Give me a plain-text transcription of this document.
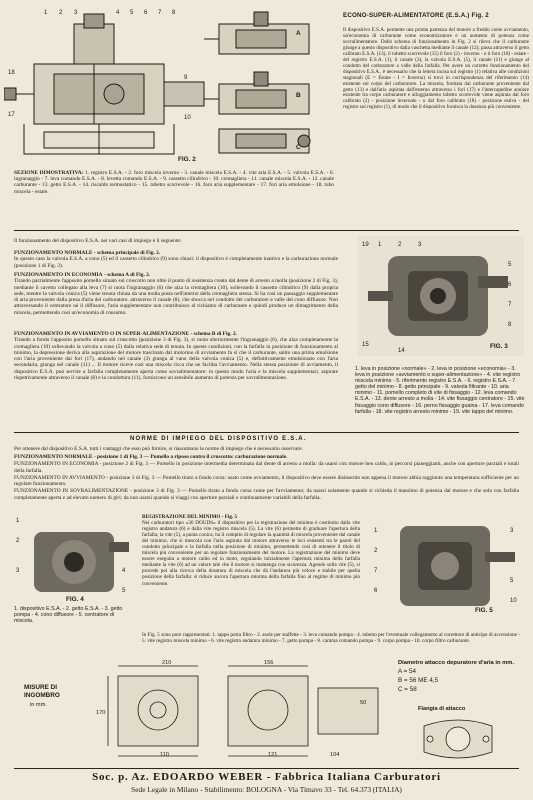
1 2 3	4 5 6 7 8
18
17
9
10
FIG. 2
A
B
C
ECONO-SUPER-ALIMENTATORE (E.S.A.) Fig. 2
Il dispositivo E.S.A. permette una pronta partenza del motore a freddo come avviamento, un'economia di carburante come economizzatore e un aumento di potenza come sovralimentatore. Dallo schema di funzionamento in Fig. 2 si rileva che il carburante giunge a questo dispositivo dalla vaschetta mediante il canale (12); passa attraverso il getto calibrato E.S.A. (13), il tubetto scorrevole (15) il foro (2) - inverno - o il foro (18) - estate - del registro E.S.A. (1), il canale (3), la valvola E.S.A. (5), il canale (11) e giunge al condotto del carburatore a valle della farfalla. Per avere un corretto funzionamento del dispositivo E.S.A., è necessario che la lettera incisa sul registro (1) relativa alle condizioni stagionali (E = Estate - I = Inverno) si trovi in corrispondenza del riferimento (14) esistente sul corpo del carburatore. La miscela, formata dal carburante proveniente dal getto (13) e dall'aria aspirata dall'esterno attraverso i fori (17) e l'intercapedine anulare esistente tra corpo carburatore e alloggiamento tubetto scorrevole viene aspirata dal foro calibrato (2) - posizione invernale - o dal foro calibrato (18) - posizione estiva - del registro sul registro (1), di modo che il dispositivo fornisca la dosatura più conveniente.
SEZIONE DIMOSTRATIVA: 1. registro E.S.A. - 2. foro miscela inverno - 3. canale miscela E.S.A. - 4. vite aria E.S.A. - 5. valvola E.S.A. - 6. ingranaggio - 7. leva comando E.S.A. - 8. levetta comando E.S.A. - 9. cassetto cilindrico - 10. cremagliera - 11. canale miscela E.S.A. - 12. canale carburante - 13. getto E.S.A. - 14. riscaldo termostatico - 15. tubetto scorrevole - 16. foro aria supplementare - 17. fori aria emulsione - 18. tubo miscela - estate.
Il funzionamento del dispositivo E.S.A. nei vari casi di impiego è il seguente:
FUNZIONAMENTO NORMALE - schema principale di Fig. 2.
In questo caso la valvola E.S.A. a cono (5) ed il cassetto cilindrico (9) sono chiusi: il dispositivo è completamente inattivo e la carburazione normale (posizione 1 di Fig. 3).
FUNZIONAMENTO IN ECONOMIA - schema A di Fig. 2.
Tirando parzialmente l'apposito pomello situato sul cruscotto non oltre il punto di resistenza creato dal dente di arresto a molla (posizione 2 di Fig. 3), mediante il cavetto collegato alla leva (7) si ruota l'ingranaggio (6) che alza la cremagliera (10), sollevando il cassetto cilindrico (9) dalla propria sede, mentre la valvola conica (5) viene tenuta chiusa da una molla posta nell'interno della cremagliera stessa. Si ha così un passaggio supplementare di aria proveniente dalla presa d'aria del carburatore, attraverso il canale (8), che sbocca nel condotto del carburatore a valle del cono diffusore. Non attraversando il centratore né il diffusore, l'aria supplementare non contribuisce al richiamo di carburante e quindi produce un dimagrimento della miscela, permettendo così un'economia di consumo.
FUNZIONAMENTO IN AVVIAMENTO O IN SUPER-ALIMENTAZIONE - schema B di Fig. 2.
Tirando a fondo l'apposito pomello situato sul cruscotto (posizione 3 di Fig. 3), si ruota ulteriormente l'ingranaggio (6), che alza completamente la cremagliera (10) sollevando la valvola a cono (5) dalla relativa sede di tenuta. In queste condizioni, con la farfalla in posizione di funzionamento al minimo, la depressione deriva alla aspirazione del motore trascinato dal motorino di avviamento fa sì che il carburante, salito una prima emulsione con l'aria proveniente dai fori (17), andando nel canale (3) giunga al vano della valvola conica (5) e, definitivamente emulsionato con l'aria secondaria, giunga nel canale (11) ... Il motore riceve così una miscela ricca che ne facilita l'avviamento. Nella stessa posizione di avviamento, il dispositivo E.S.A. può servire a farfalla completamente aperta come sovralimentatore: in questo modo l'aria e la miscela supplementari, aspirate rispettivamente attraverso il canale (8) e la condottura (11), forniscono un sensibile aumento di potenza per sovralimentazione.
19 1	2	3
5
6
7
8
15
14
FIG. 3
1. leva in posizione «normale» - 2. leva in posizione «economia» - 3. leva in posizione «avviamento o super-alimentazione» - 4. vite registro miscela minimo - 5. riferimento registro E.S.A. - 6. registro E.S.A. - 7. getto del minimo - 8. getto principale - 9. valvola filtrante - 10. aria minimo - 11. pomello completo di vite di fissaggio - 12. leva comando E.S.A. - 13. dente arresto a molla - 14. vite fissaggio centratore - 15. vite fissaggio cono diffusore - 16. perno fissaggio guaina - 17. leva comando farfalla - 18. vite registro arresto minimo - 19. vite tappo del minimo.
NORME DI IMPIEGO DEL DISPOSITIVO E.S.A.
Per ottenere dal dispositivo E.S.A. tutti i vantaggi che esso può fornire, si riassumono le norme di impiego che è necessario osservare.
FUNZIONAMENTO NORMALE - posizione 1 di Fig. 3 — Pomello a riposo contro il cruscotto: carburazione normale.
FUNZIONAMENTO IN ECONOMIA - posizione 2 di Fig. 3 — Pomello in posizione intermedia determinata dal dente di arresto a molla: da usarsi con motore ben caldo, in percorsi pianeggianti, anche con aperture parziali e totali della farfalla.
FUNZIONAMENTO IN AVVIAMENTO - posizione 3 di Fig. 3 — Pomello tirato a fondo corsa: usato come avviamento, il dispositivo deve essere disinserito non appena il motore abbia raggiunto una temperatura sufficiente per un regolare funzionamento.
FUNZIONAMENTO IN SOVRALIMENTAZIONE - posizione 3 di Fig. 3 — Pomello tirato a fondo corsa come per l'avviamento; da usarsi solamente quando si richieda il massimo di potenza dal motore e che solo con farfalla completamente aperta e ad elevato numero di giri; da non usarsi quando si viaggi con aperture parziali e continuamente variabili della farfalla.
1
2
3	4
5
FIG. 4
1. dispositivo E.S.A. - 2. getto E.S.A. - 3. getto pompa - 4. cono diffusore - 5. centratore di miscela.
REGISTRAZIONE DEL MINIMO - Fig. 5
Nei carburatori tipo «36 DOUDS» il dispositivo per la registrazione del minimo è costituito dalla vite registro andatura (6) e dalla vite registro miscela (5). La vite (6) permette di graduare l'apertura della farfalla; la vite (5), a punta conica, ha il compito di regolare la quantità di miscela proveniente dal canale del minimo, che si mescola con l'aria aspirata dal motore attraverso le luci esistenti tra le pareti del condotto principale e la farfalla nella posizione di minimo, permettendo così di ottenere il titolo di miscela più conveniente per un regolare funzionamento del motore. La registrazione del minimo deve essere eseguita a motore caldo ed in moto, regolando inizialmente l'apertura minima della farfalla mediante la vite (6) ad un valore tale che il motore si mantenga con sicurezza. Agendo sulla vite (5), si procede poi alla ricerca della dosatura di miscela che dà l'andatura più veloce e stabile per quella posizione della farfalla: si riduce ancora l'apertura minima della farfalla fino al regime di minimo più conveniente.
In Fig. 5 sono pure rappresentati: 1. tappo porta filtro - 2. asole per staffette - 3. leva comando pompa - 4. tubetto per l'eventuale collegamento al correttore di anticipo di accensione - 5. vite registro miscela minimo - 6. vite registro andatura minimo - 7. getto pompa - 8. camma comando pompa - 9. corpo pompa - 10. corpo filtro carburante.
1
2
7
6
3
5
10
FIG. 5
MISURE DI INGOMBRO
in mm.
210	156
170
110	121	104
50
Diametro attacco depuratore d'aria in mm.
A = 54
B = 56 ME 4,5
C = 58
Flangia di attacco
Soc. p. Az. EDOARDO WEBER - Fabbrica Italiana Carburatori
Sede Legale in Milano - Stabilimento: BOLOGNA - Via Timavo 33 - Tel. 64.373 (ITALIA)
